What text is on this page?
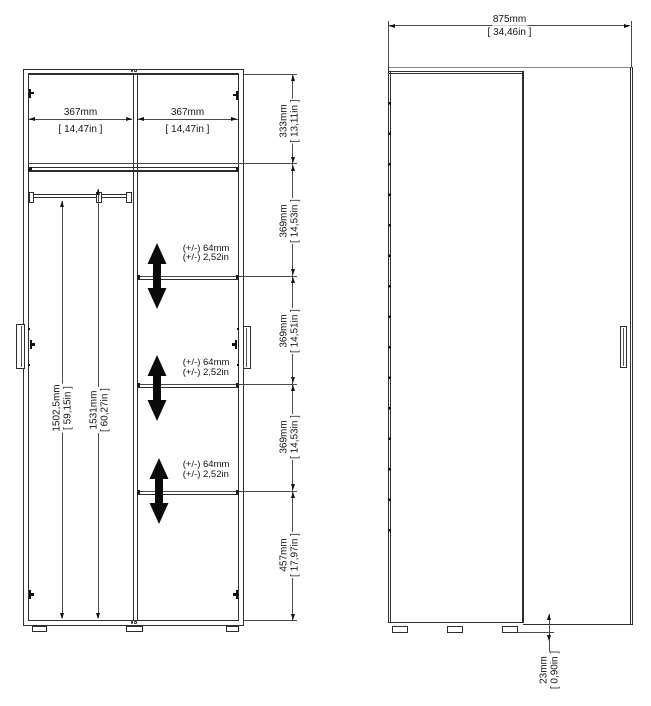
367mm
[ 14,47in ]
367mm
[ 14,47in ]	333mm [ 13,11in ]
369mm [ 14,53in ]
369mm [ 14,51in ]
369mm [ 14,53in ]
457mm [ 17,97in ]
1502,5mm [ 59,15in ] 1531mm [ 60,27in ]
(+/-) 64mm
(+/-) 2,52in
(+/-) 64mm
(+/-) 2,52in
(+/-) 64mm
(+/-) 2,52in
875mm
[ 34,46in ]
23mm [ 0,90in ]
